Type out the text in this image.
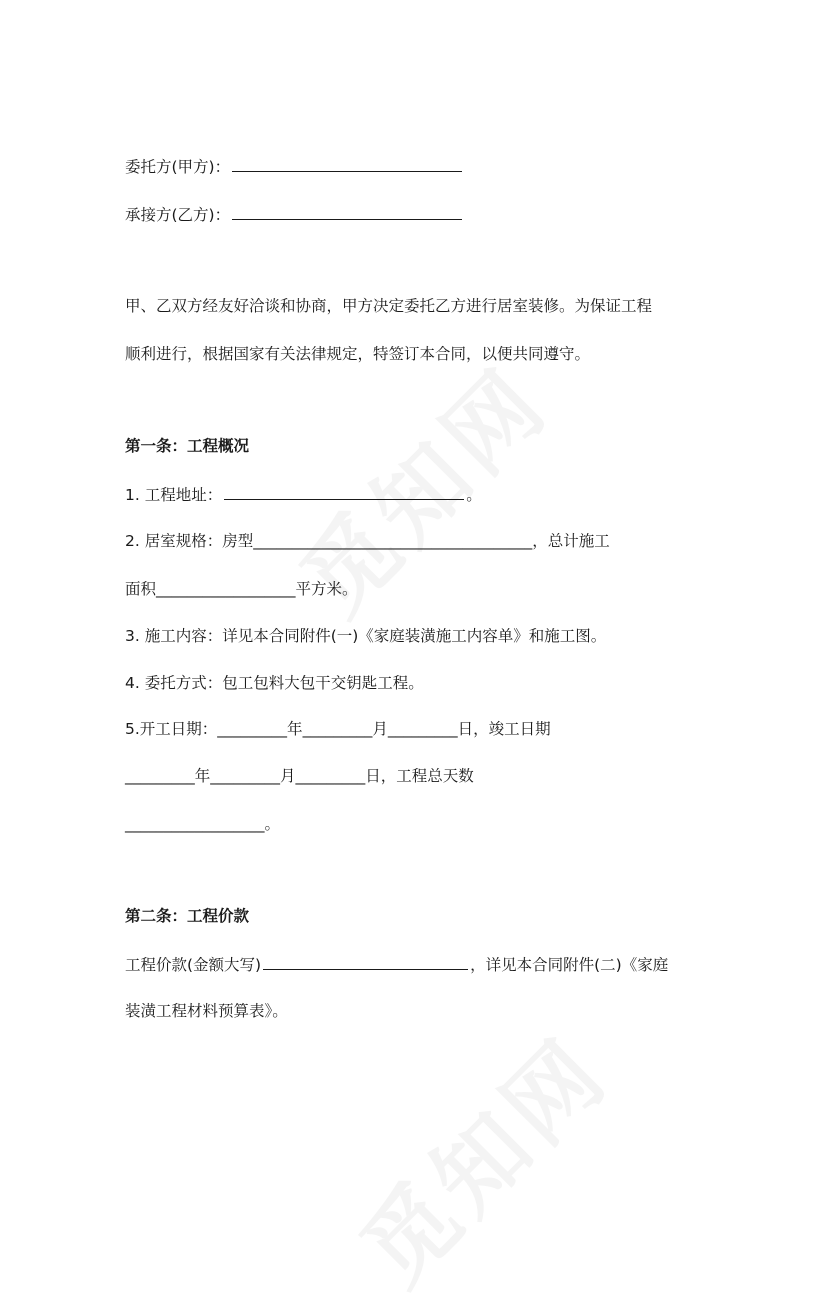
委托方(甲方)：
承接方(乙方)：
甲、乙双方经友好洽谈和协商，甲方决定委托乙方进行居室装修。为保证工程
顺利进行，根据国家有关法律规定，特签订本合同，以便共同遵守。
第一条：工程概况
1. 工程地址：	。
2. 居室规格：房型____________________________________，总计施工
面积__________________平方米。
3. 施工内容：详见本合同附件(一)《家庭装潢施工内容单》和施工图。
4. 委托方式：包工包料大包干交钥匙工程。
5.开工日期：_________年_________月_________日，竣工日期
_________年_________月_________日，工程总天数
__________________。
第二条：工程价款
工程价款(金额大写)	，详见本合同附件(二)《家庭
装潢工程材料预算表》。
